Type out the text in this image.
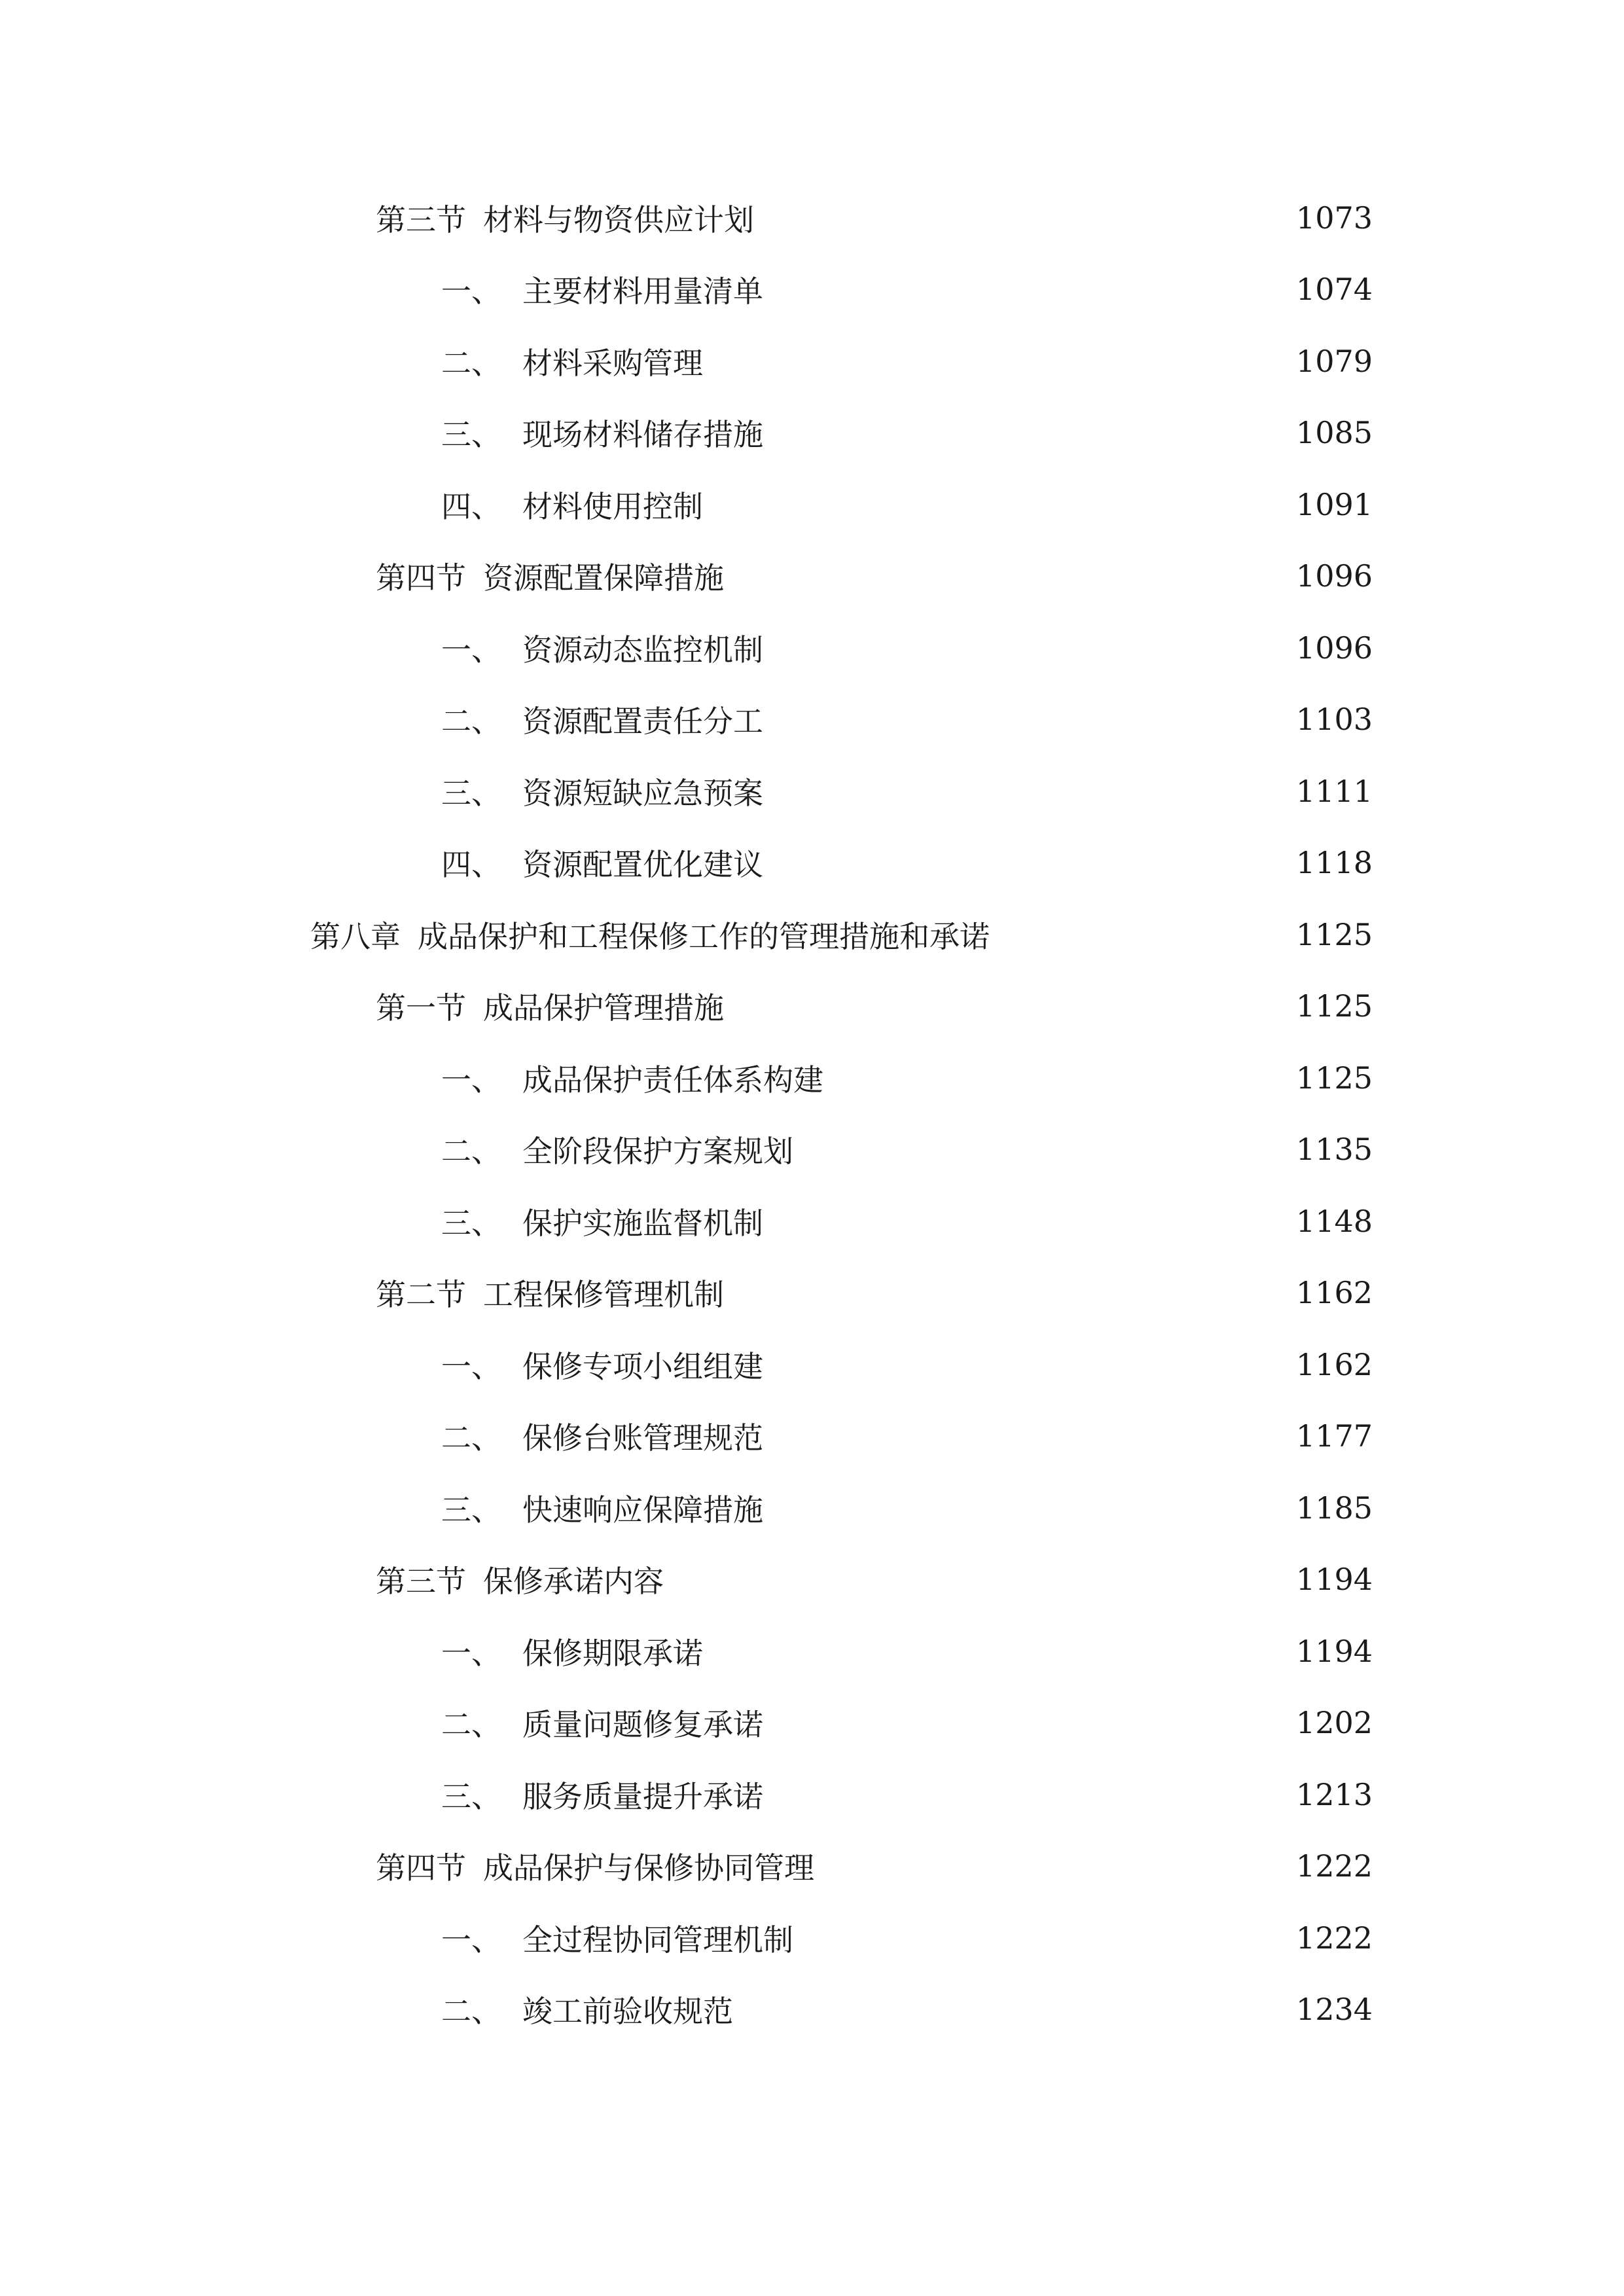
第三节 材料与物资供应计划	1073
一、 主要材料用量清单	1074
二、 材料采购管理	1079
三、 现场材料储存措施	1085
四、 材料使用控制	1091
第四节 资源配置保障措施	1096
一、 资源动态监控机制	1096
二、 资源配置责任分工	1103
三、 资源短缺应急预案	1111
四、 资源配置优化建议	1118
第八章 成品保护和工程保修工作的管理措施和承诺	1125
第一节 成品保护管理措施	1125
一、 成品保护责任体系构建	1125
二、 全阶段保护方案规划	1135
三、 保护实施监督机制	1148
第二节 工程保修管理机制	1162
一、 保修专项小组组建	1162
二、 保修台账管理规范	1177
三、 快速响应保障措施	1185
第三节 保修承诺内容	1194
一、 保修期限承诺	1194
二、 质量问题修复承诺	1202
三、 服务质量提升承诺	1213
第四节 成品保护与保修协同管理	1222
一、 全过程协同管理机制	1222
二、 竣工前验收规范	1234
